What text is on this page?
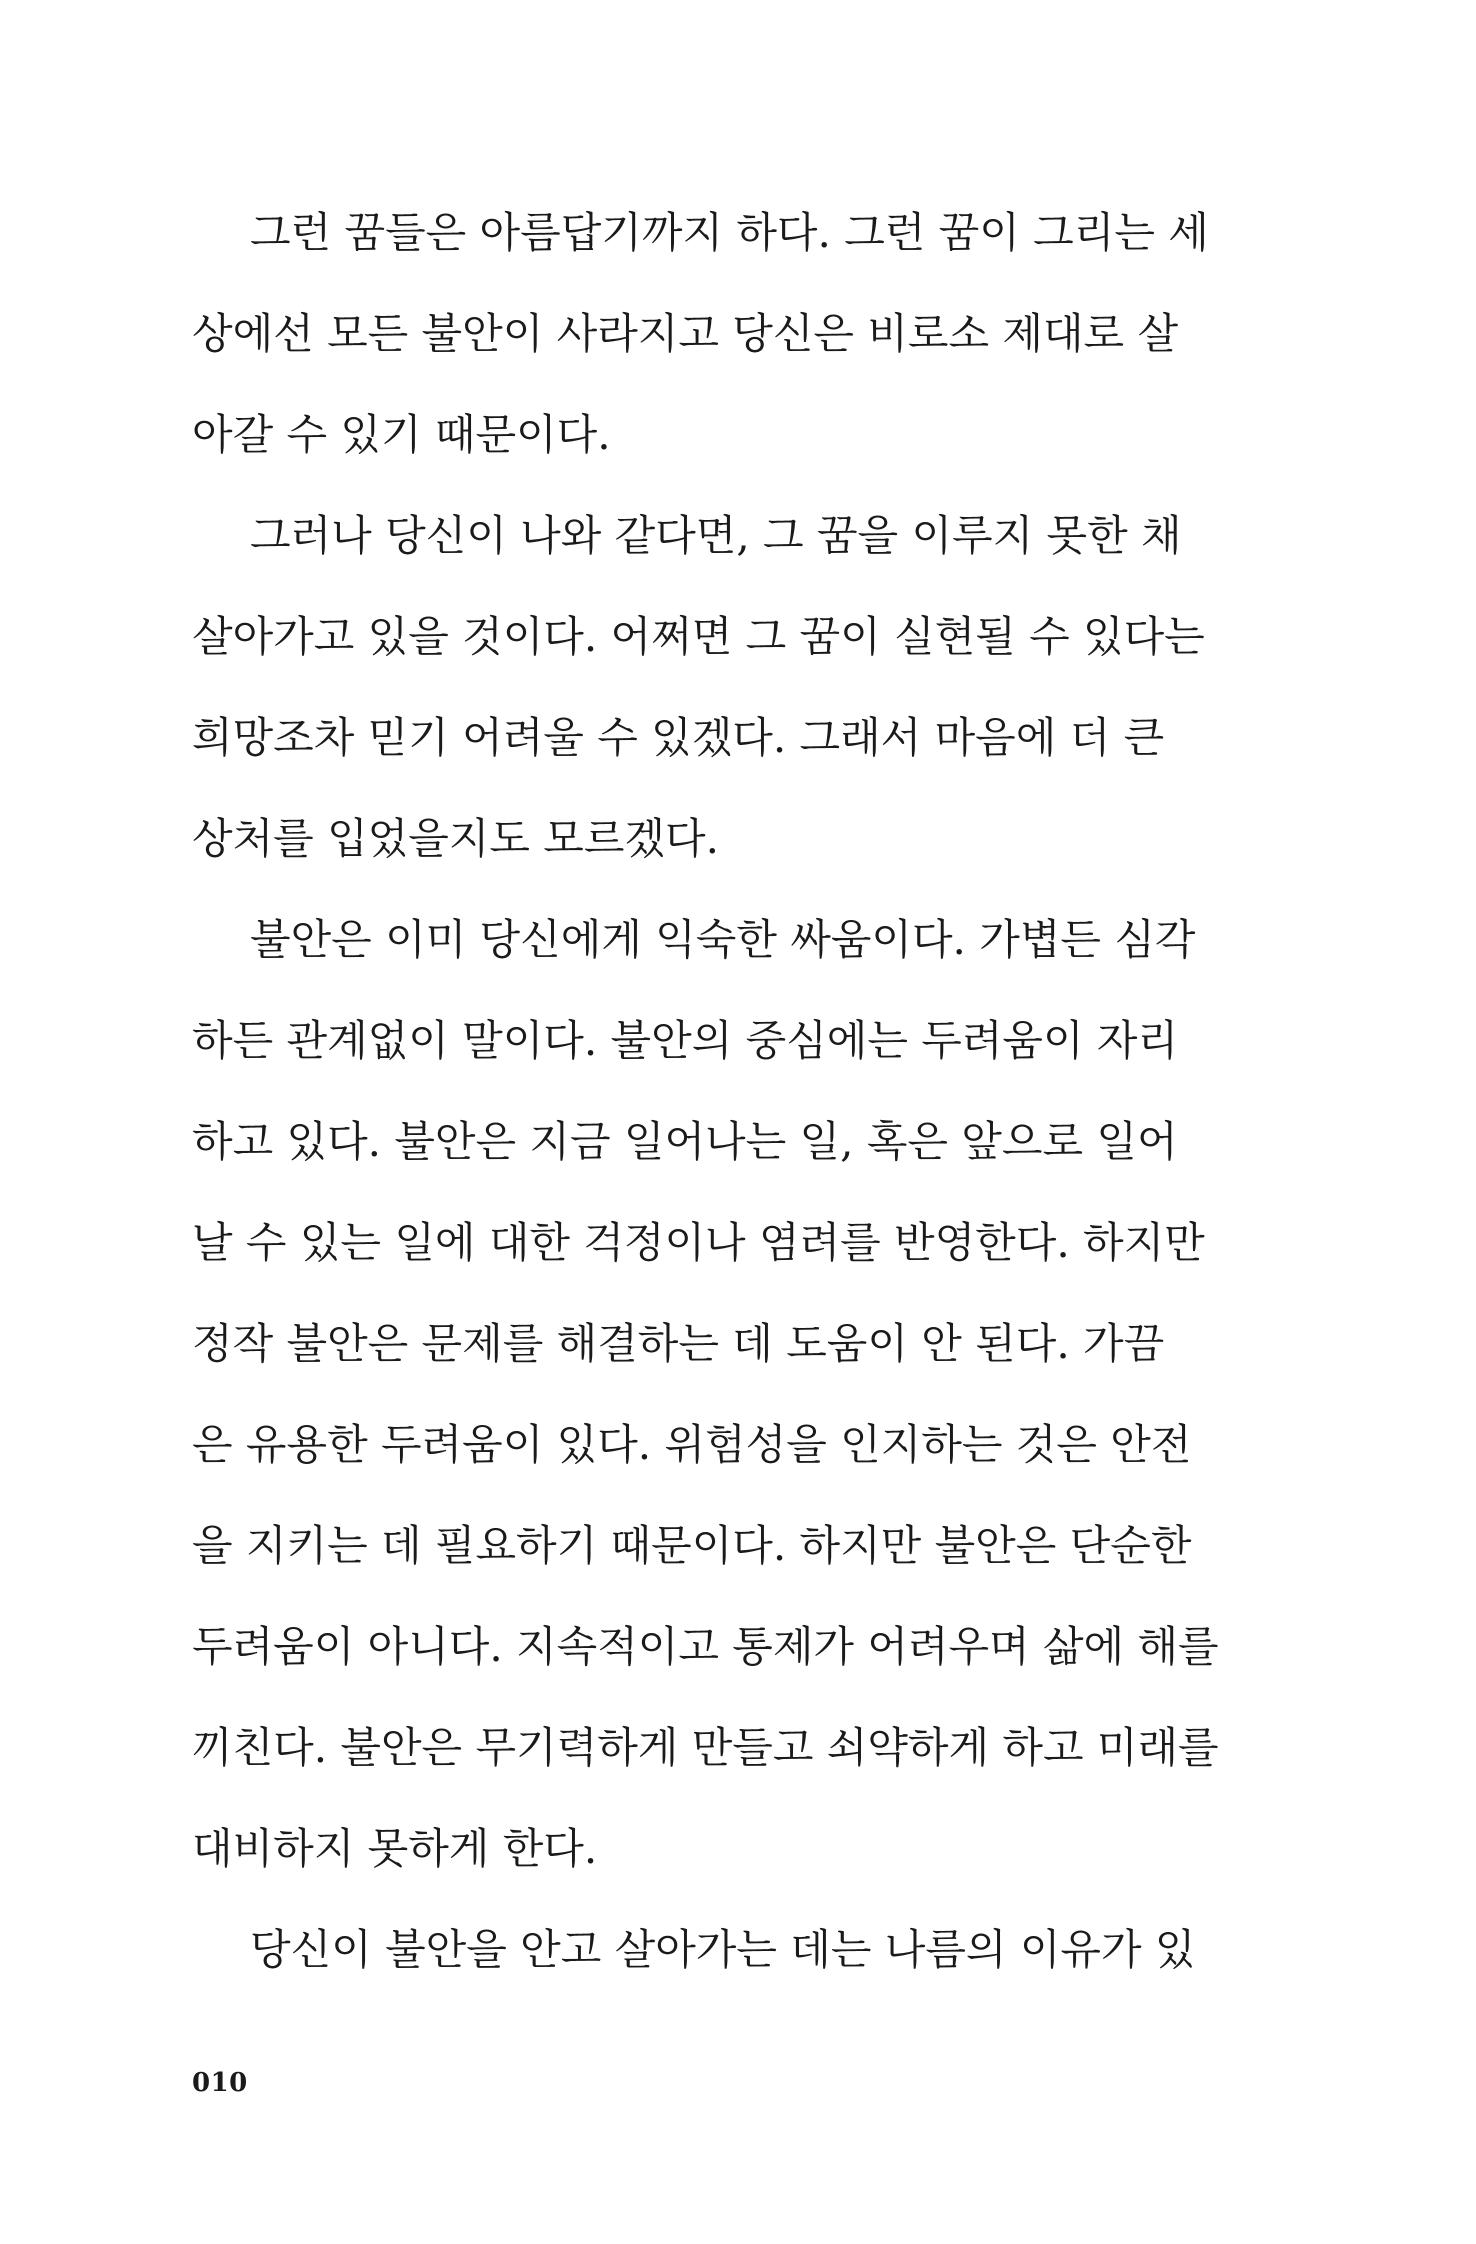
그런 꿈들은 아름답기까지 하다. 그런 꿈이 그리는 세
상에선 모든 불안이 사라지고 당신은 비로소 제대로 살
아갈 수 있기 때문이다.
그러나 당신이 나와 같다면, 그 꿈을 이루지 못한 채
살아가고 있을 것이다. 어쩌면 그 꿈이 실현될 수 있다는
희망조차 믿기 어려울 수 있겠다. 그래서 마음에 더 큰
상처를 입었을지도 모르겠다.
불안은 이미 당신에게 익숙한 싸움이다. 가볍든 심각
하든 관계없이 말이다. 불안의 중심에는 두려움이 자리
하고 있다. 불안은 지금 일어나는 일, 혹은 앞으로 일어
날 수 있는 일에 대한 걱정이나 염려를 반영한다. 하지만
정작 불안은 문제를 해결하는 데 도움이 안 된다. 가끔
은 유용한 두려움이 있다. 위험성을 인지하는 것은 안전
을 지키는 데 필요하기 때문이다. 하지만 불안은 단순한
두려움이 아니다. 지속적이고 통제가 어려우며 삶에 해를
끼친다. 불안은 무기력하게 만들고 쇠약하게 하고 미래를
대비하지 못하게 한다.
당신이 불안을 안고 살아가는 데는 나름의 이유가 있
010
